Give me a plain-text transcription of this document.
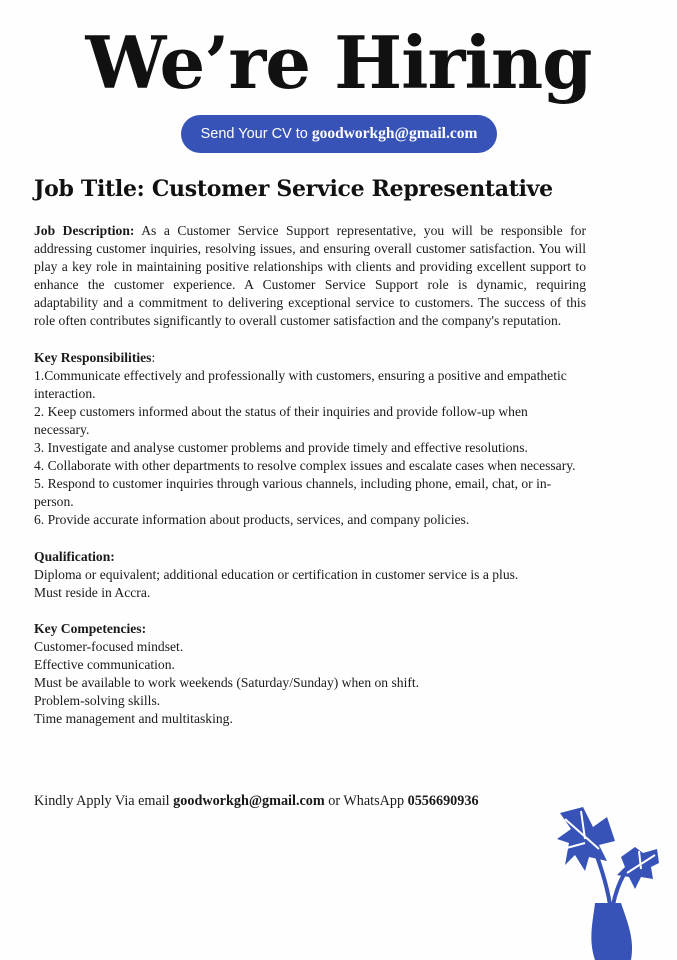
We’re Hiring
Send Your CV to goodworkgh@gmail.com
Job Title: Customer Service Representative

Job Description: As a Customer Service Support representative, you will be responsible for addressing customer inquiries, resolving issues, and ensuring overall customer satisfaction. You will play a key role in maintaining positive relationships with clients and providing excellent support to enhance the customer experience. A Customer Service Support role is dynamic, requiring adaptability and a commitment to delivering exceptional service to customers. The success of this role often contributes significantly to overall customer satisfaction and the company's reputation.

Key Responsibilities:

1.Communicate effectively and professionally with customers, ensuring a positive and empathetic interaction.

2. Keep customers informed about the status of their inquiries and provide follow-up when necessary.

3. Investigate and analyse customer problems and provide timely and effective resolutions.

4. Collaborate with other departments to resolve complex issues and escalate cases when necessary.

5. Respond to customer inquiries through various channels, including phone, email, chat, or in-person.

6. Provide accurate information about products, services, and company policies.

Qualification:

Diploma or equivalent; additional education or certification in customer service is a plus.

Must reside in Accra.

Key Competencies:

Customer-focused mindset.

Effective communication.

Must be available to work weekends (Saturday/Sunday) when on shift.

Problem-solving skills.

Time management and multitasking.

Kindly Apply Via email goodworkgh@gmail.com or WhatsApp 0556690936
